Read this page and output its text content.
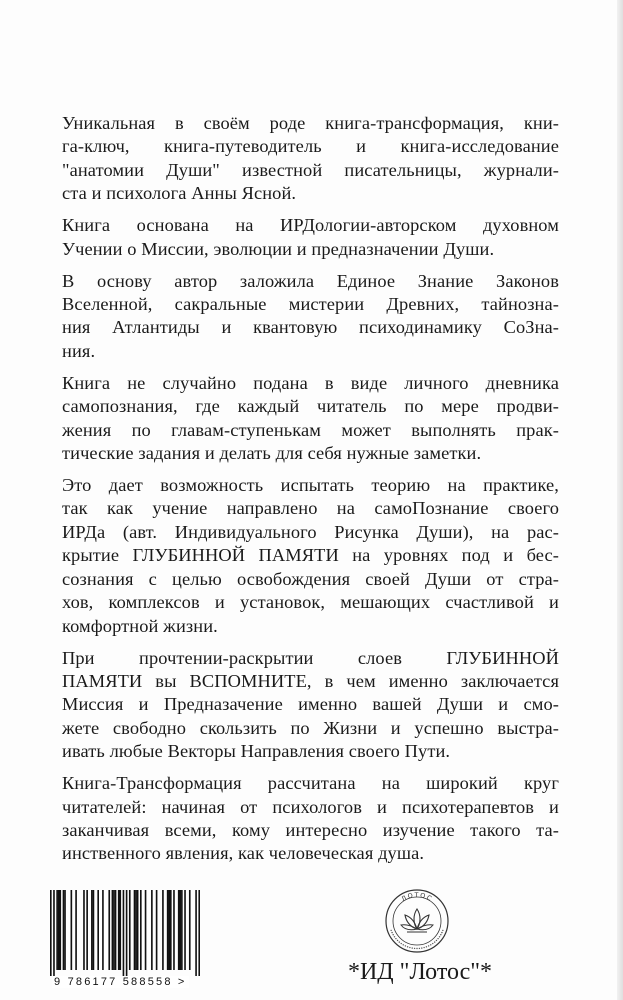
Уникальная в своём роде книга-трансформация, кни-
га-ключ, книга-путеводитель и книга-исследование
"анатомии Души" известной писательницы, журнали-
ста и психолога Анны Ясной.

Книга основана на ИРДологии-авторском духовном
Учении о Миссии, эволюции и предназначении Души.

В основу автор заложила Единое Знание Законов
Вселенной, сакральные мистерии Древних, тайнозна-
ния Атлантиды и квантовую психодинамику СоЗна-
ния.

Книга не случайно подана в виде личного дневника
самопознания, где каждый читатель по мере продви-
жения по главам-ступенькам может выполнять прак-
тические задания и делать для себя нужные заметки.

Это дает возможность испытать теорию на практике,
так как учение направлено на самоПознание своего
ИРДа (авт. Индивидуального Рисунка Души), на рас-
крытие ГЛУБИННОЙ ПАМЯТИ на уровнях под и бес-
сознания с целью освобождения своей Души от стра-
хов, комплексов и установок, мешающих счастливой и
комфортной жизни.

При прочтении-раскрытии слоев ГЛУБИННОЙ
ПАМЯТИ вы ВСПОМНИТЕ, в чем именно заключается
Миссия и Предназачение именно вашей Души и смо-
жете свободно скользить по Жизни и успешно выстра-
ивать любые Векторы Направления своего Пути.

Книга-Трансформация рассчитана на широкий круг
читателей: начиная от психологов и психотерапевтов и
заканчивая всеми, кому интересно изучение такого та-
инственного явления, как человеческая душа.

9 786177 588558 >
ЛОТОС
*ИД "Лотос"*
